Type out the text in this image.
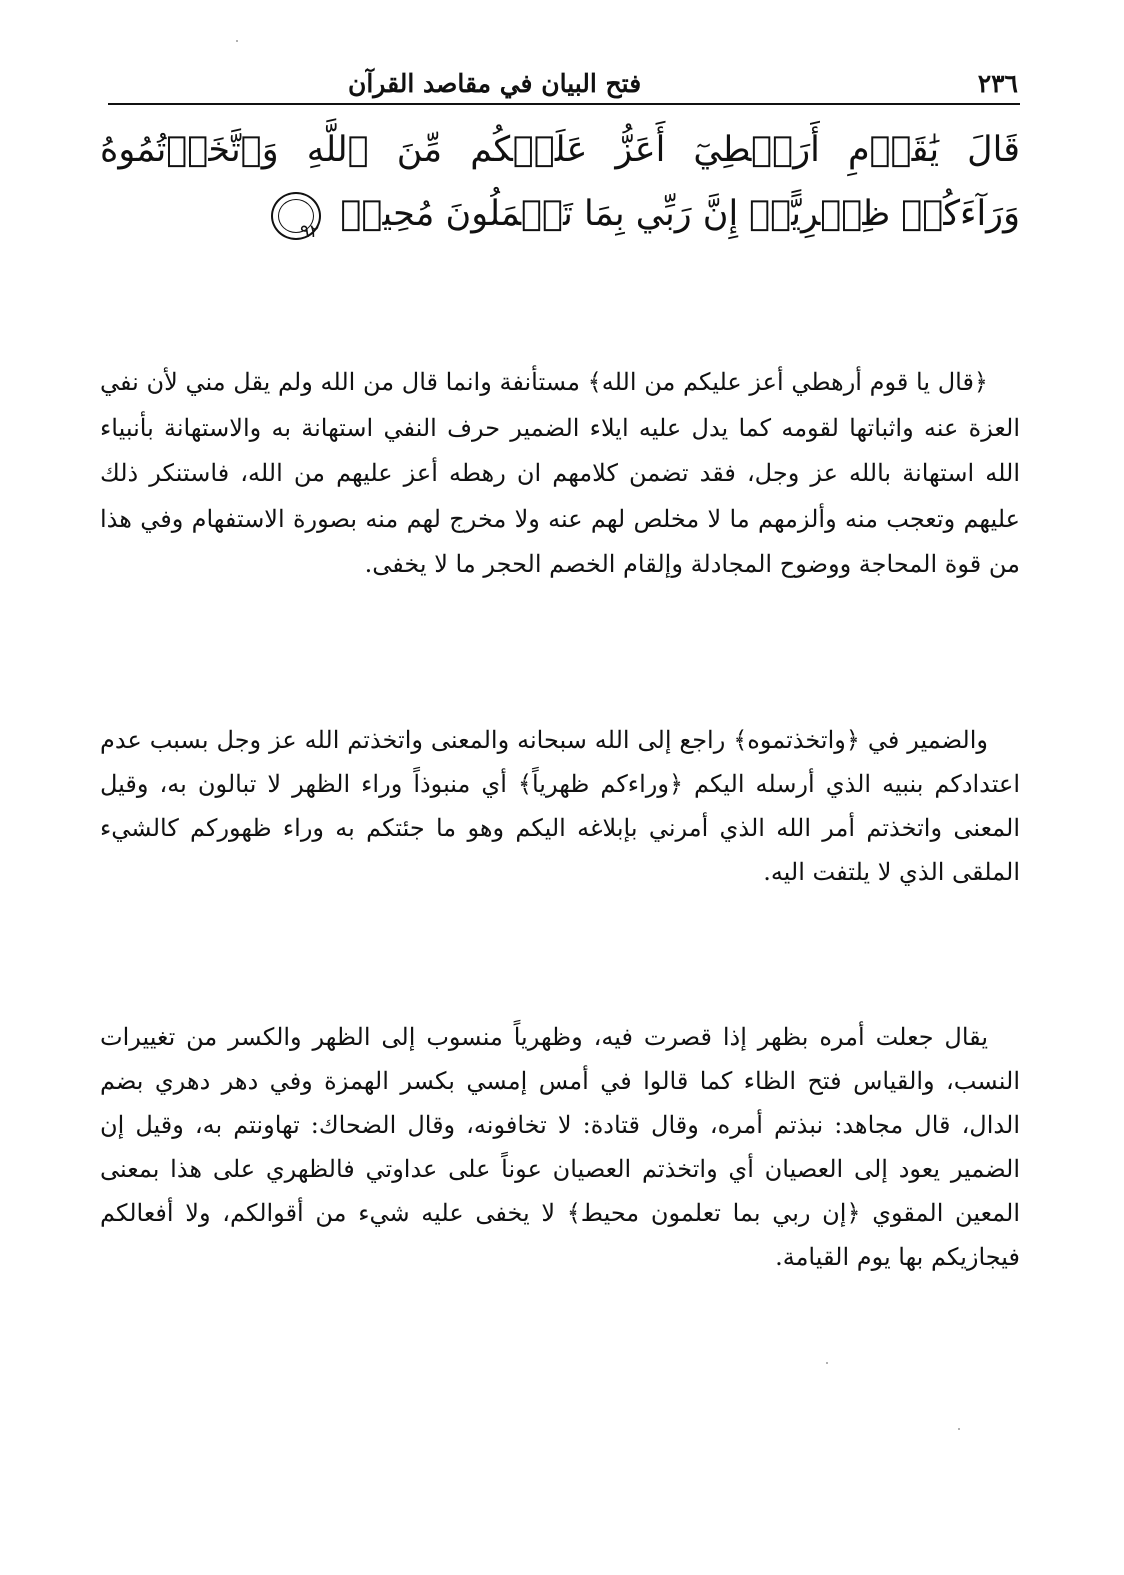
٢٣٦
فتح البيان في مقاصد القرآن
قَالَ يَٰقَوۡمِ أَرَهۡطِيٓ أَعَزُّ عَلَيۡكُم مِّنَ ٱللَّهِ وَٱتَّخَذۡتُمُوهُ وَرَآءَكُمۡ ظِهۡرِيًّاۖ إِنَّ رَبِّي بِمَا تَعۡمَلُونَ مُحِيطٞ ٩٢

﴿قال يا قوم أرهطي أعز عليكم من الله﴾ مستأنفة وانما قال من الله ولم يقل مني لأن نفي العزة عنه واثباتها لقومه كما يدل عليه ايلاء الضمير حرف النفي استهانة به والاستهانة بأنبياء الله استهانة بالله عز وجل، فقد تضمن كلامهم ان رهطه أعز عليهم من الله، فاستنكر ذلك عليهم وتعجب منه وألزمهم ما لا مخلص لهم عنه ولا مخرج لهم منه بصورة الاستفهام وفي هذا من قوة المحاجة ووضوح المجادلة وإلقام الخصم الحجر ما لا يخفى.

والضمير في ﴿واتخذتموه﴾ راجع إلى الله سبحانه والمعنى واتخذتم الله عز وجل بسبب عدم اعتدادكم بنبيه الذي أرسله اليكم ﴿وراءكم ظهرياً﴾ أي منبوذاً وراء الظهر لا تبالون به، وقيل المعنى واتخذتم أمر الله الذي أمرني بإبلاغه اليكم وهو ما جئتكم به وراء ظهوركم كالشيء الملقى الذي لا يلتفت اليه.

يقال جعلت أمره بظهر إذا قصرت فيه، وظهرياً منسوب إلى الظهر والكسر من تغييرات النسب، والقياس فتح الظاء كما قالوا في أمس إمسي بكسر الهمزة وفي دهر دهري بضم الدال، قال مجاهد: نبذتم أمره، وقال قتادة: لا تخافونه، وقال الضحاك: تهاونتم به، وقيل إن الضمير يعود إلى العصيان أي واتخذتم العصيان عوناً على عداوتي فالظهري على هذا بمعنى المعين المقوي ﴿إن ربي بما تعلمون محيط﴾ لا يخفى عليه شيء من أقوالكم، ولا أفعالكم فيجازيكم بها يوم القيامة.
